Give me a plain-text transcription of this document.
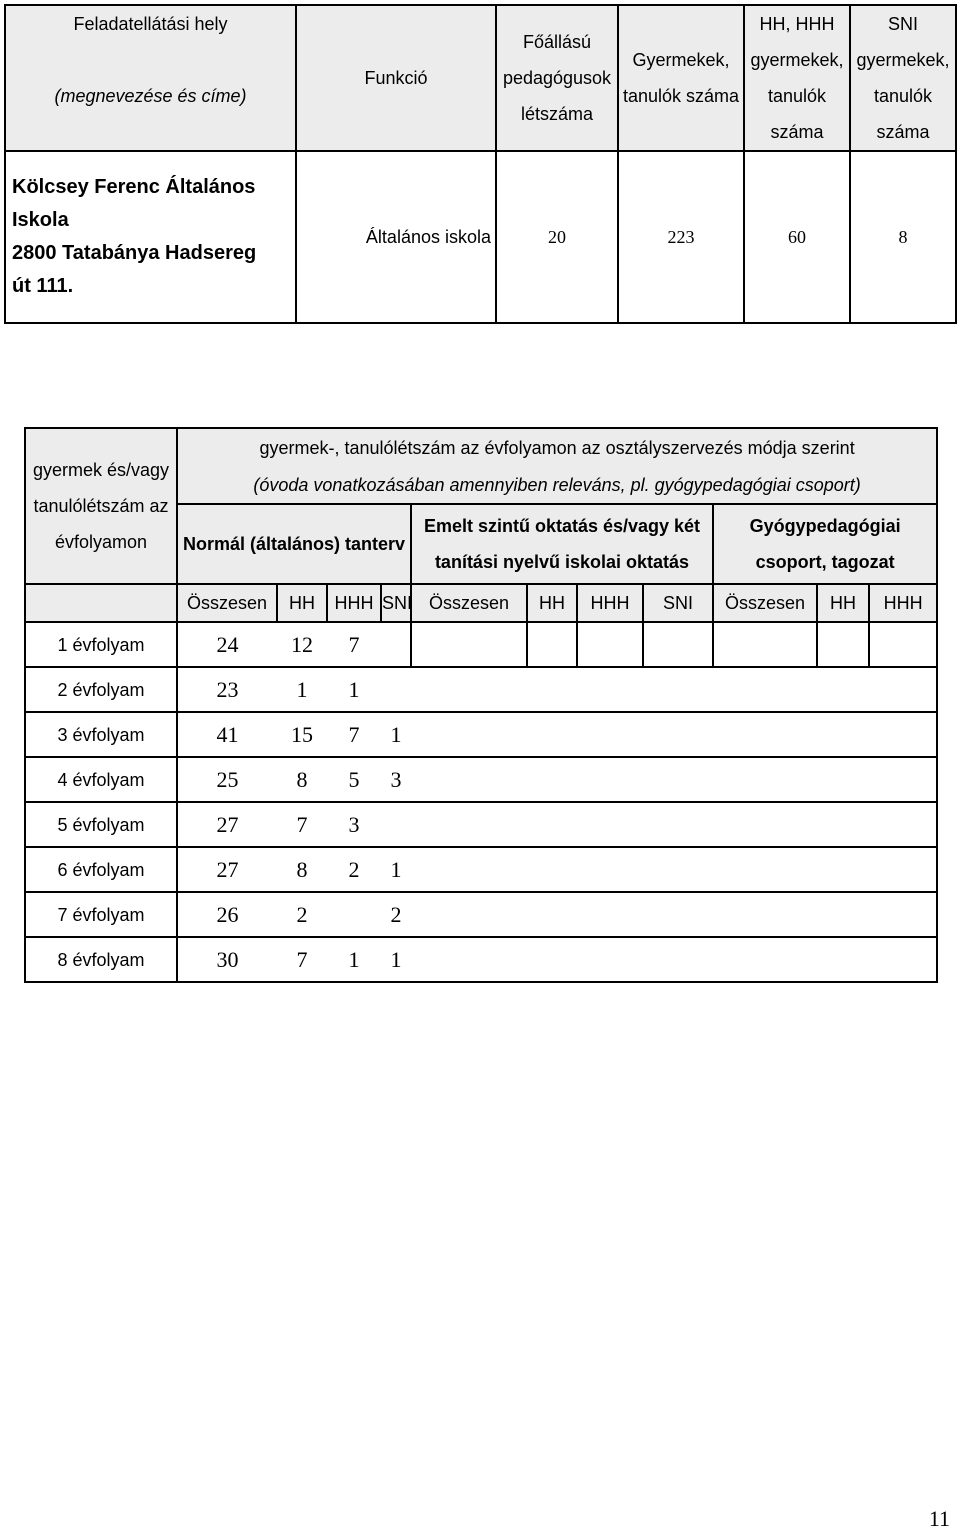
Feladatellátási hely
(megnevezése és címe)	Funkció	Főállású
pedagógusok
létszáma	Gyermekek,
tanulók száma	HH, HHH
gyermekek,
tanulók
száma	SNI
gyermekek,
tanulók
száma

Kölcsey Ferenc Általános
Iskola
2800 Tatabánya Hadsereg
út 111.	Általános iskola	20	223	60	8
gyermek és/vagy
tanulólétszám az
évfolyamon	gyermek-, tanulólétszám az évfolyamon az osztályszervezés módja szerint										
	(óvoda vonatkozásában amennyiben releváns, pl. gyógypedagógiai csoport)										
	Normál (általános) tanterv				Emelt szintű oktatás és/vagy két
tanítási nyelvű iskolai oktatás				Gyógypedagógiai
csoport, tagozat		

	Összesen	HH	HHH	SNI	Összesen	HH	HHH	SNI	Összesen	HH	HHH
1 évfolyam	24	12	7								
2 évfolyam	23	1	1								
3 évfolyam	41	15	7	1							
4 évfolyam	25	8	5	3							
5 évfolyam	27	7	3								
6 évfolyam	27	8	2	1							
7 évfolyam	26	2		2							
8 évfolyam	30	7	1	1							
11
